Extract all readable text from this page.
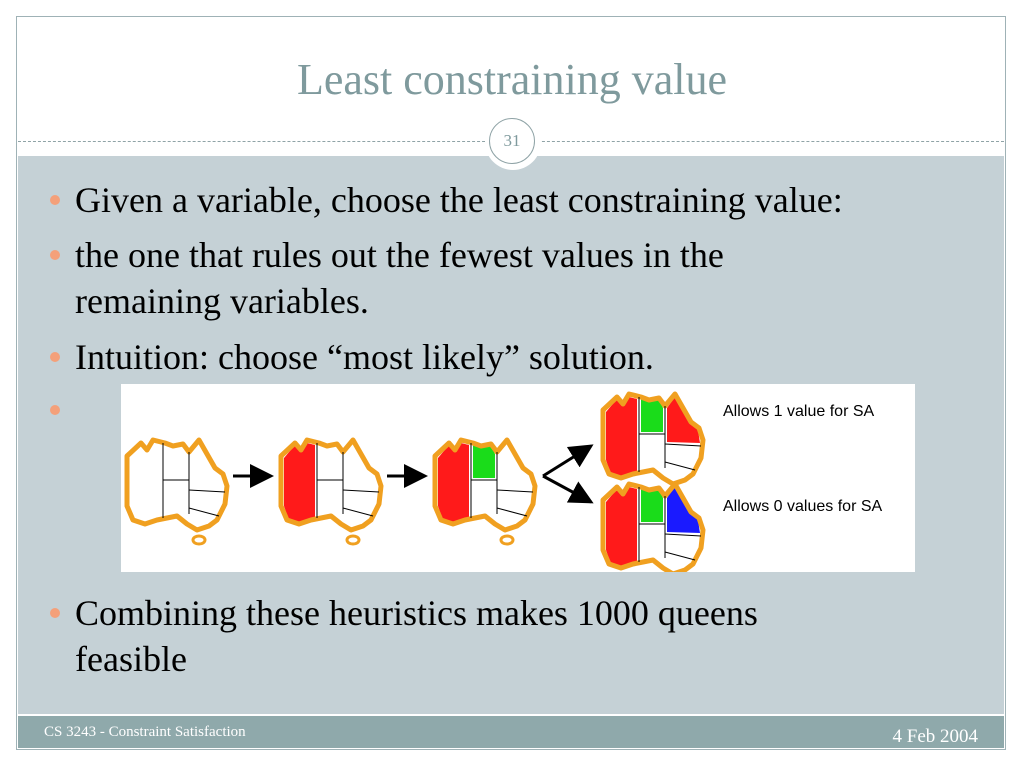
Least constraining value
31
Given a variable, choose the least constraining value:
the one that rules out the fewest values in the
remaining variables.
Intuition: choose “most likely” solution.
Combining these heuristics makes 1000 queens
feasible
Allows 1 value for SA
Allows 0 values for SA
CS 3243 - Constraint Satisfaction	4 Feb 2004
